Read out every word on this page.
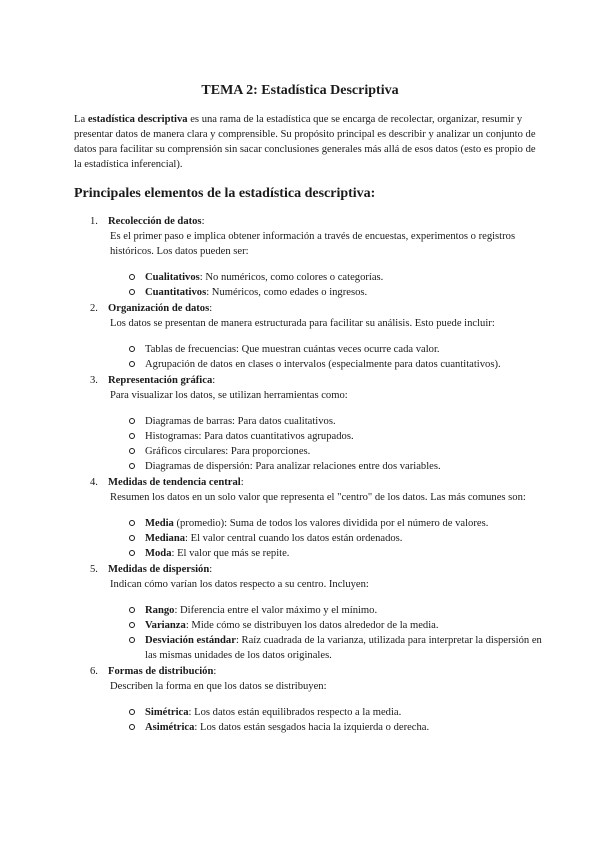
TEMA 2: Estadística Descriptiva

La estadística descriptiva es una rama de la estadística que se encarga de recolectar, organizar, resumir y presentar datos de manera clara y comprensible. Su propósito principal es describir y analizar un conjunto de datos para facilitar su comprensión sin sacar conclusiones generales más allá de esos datos (esto es propio de la estadística inferencial).

Principales elementos de la estadística descriptiva:
1. Recolección de datos:

Es el primer paso e implica obtener información a través de encuestas, experimentos o registros históricos. Los datos pueden ser:

Cualitativos: No numéricos, como colores o categorías.
Cuantitativos: Numéricos, como edades o ingresos.
2. Organización de datos:

Los datos se presentan de manera estructurada para facilitar su análisis. Esto puede incluir:

Tablas de frecuencias: Que muestran cuántas veces ocurre cada valor.
Agrupación de datos en clases o intervalos (especialmente para datos cuantitativos).
3. Representación gráfica:

Para visualizar los datos, se utilizan herramientas como:

Diagramas de barras: Para datos cualitativos.
Histogramas: Para datos cuantitativos agrupados.
Gráficos circulares: Para proporciones.
Diagramas de dispersión: Para analizar relaciones entre dos variables.
4. Medidas de tendencia central:

Resumen los datos en un solo valor que representa el "centro" de los datos. Las más comunes son:

Media (promedio): Suma de todos los valores dividida por el número de valores.
Mediana: El valor central cuando los datos están ordenados.
Moda: El valor que más se repite.
5. Medidas de dispersión:

Indican cómo varían los datos respecto a su centro. Incluyen:

Rango: Diferencia entre el valor máximo y el mínimo.
Varianza: Mide cómo se distribuyen los datos alrededor de la media.
Desviación estándar: Raíz cuadrada de la varianza, utilizada para interpretar la dispersión en las mismas unidades de los datos originales.
6. Formas de distribución:

Describen la forma en que los datos se distribuyen:

Simétrica: Los datos están equilibrados respecto a la media.
Asimétrica: Los datos están sesgados hacia la izquierda o derecha.
